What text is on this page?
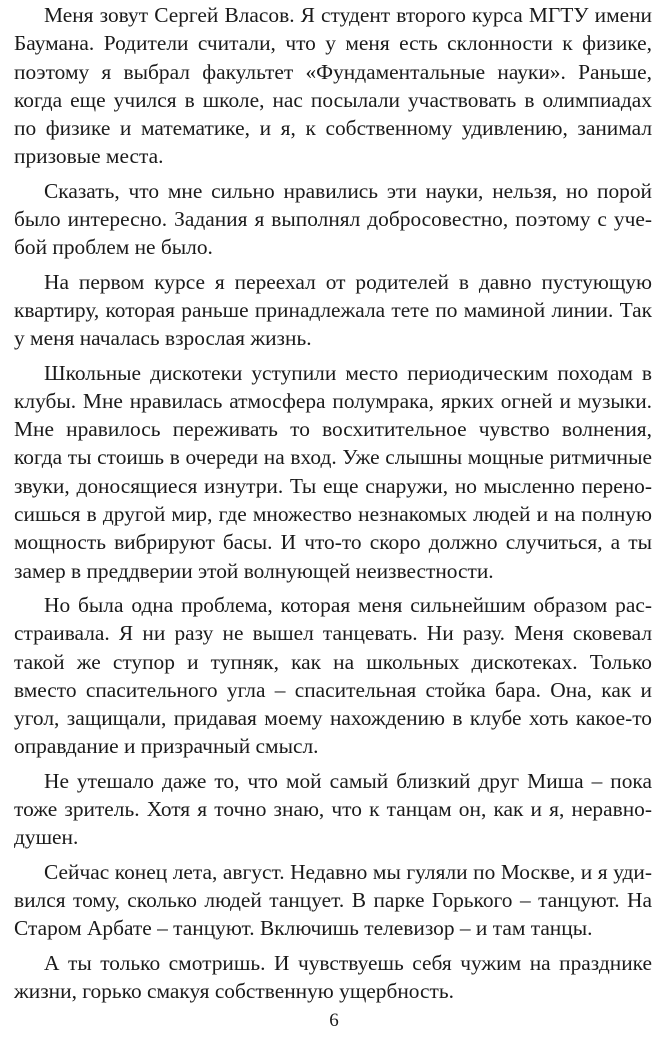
Меня зовут Сергей Власов. Я студент второго курса МГТУ имени Баумана. Родители считали, что у меня есть склонности к физике, поэтому я выбрал факультет «Фундаментальные науки». Раньше, когда еще учился в школе, нас посылали участвовать в олимпиадах по физике и математике, и я, к собственному удивлению, занимал призовые места.

Сказать, что мне сильно нравились эти науки, нельзя, но порой было интересно. Задания я выполнял добросовестно, поэтому с учебой проблем не было.

На первом курсе я переехал от родителей в давно пустующую квартиру, которая раньше принадлежала тете по маминой линии. Так у меня началась взрослая жизнь.

Школьные дискотеки уступили место периодическим походам в клубы. Мне нравилась атмосфера полумрака, ярких огней и музыки. Мне нравилось переживать то восхитительное чувство волнения, когда ты стоишь в очереди на вход. Уже слышны мощные ритмичные звуки, доносящиеся изнутри. Ты еще снаружи, но мысленно переносишься в другой мир, где множество незнакомых людей и на полную мощность вибрируют басы. И что-то скоро должно случиться, а ты замер в преддверии этой волнующей неизвестности.

Но была одна проблема, которая меня сильнейшим образом расстраивала. Я ни разу не вышел танцевать. Ни разу. Меня сковевал такой же ступор и тупняк, как на школьных дискотеках. Только вместо спасительного угла – спасительная стойка бара. Она, как и угол, защищали, придавая моему нахождению в клубе хоть какое-то оправдание и призрачный смысл.

Не утешало даже то, что мой самый близкий друг Миша – пока тоже зритель. Хотя я точно знаю, что к танцам он, как и я, неравнодушен.

Сейчас конец лета, август. Недавно мы гуляли по Москве, и я удивился тому, сколько людей танцует. В парке Горького – танцуют. На Старом Арбате – танцуют. Включишь телевизор – и там танцы.

А ты только смотришь. И чувствуешь себя чужим на празднике жизни, горько смакуя собственную ущербность.

6
